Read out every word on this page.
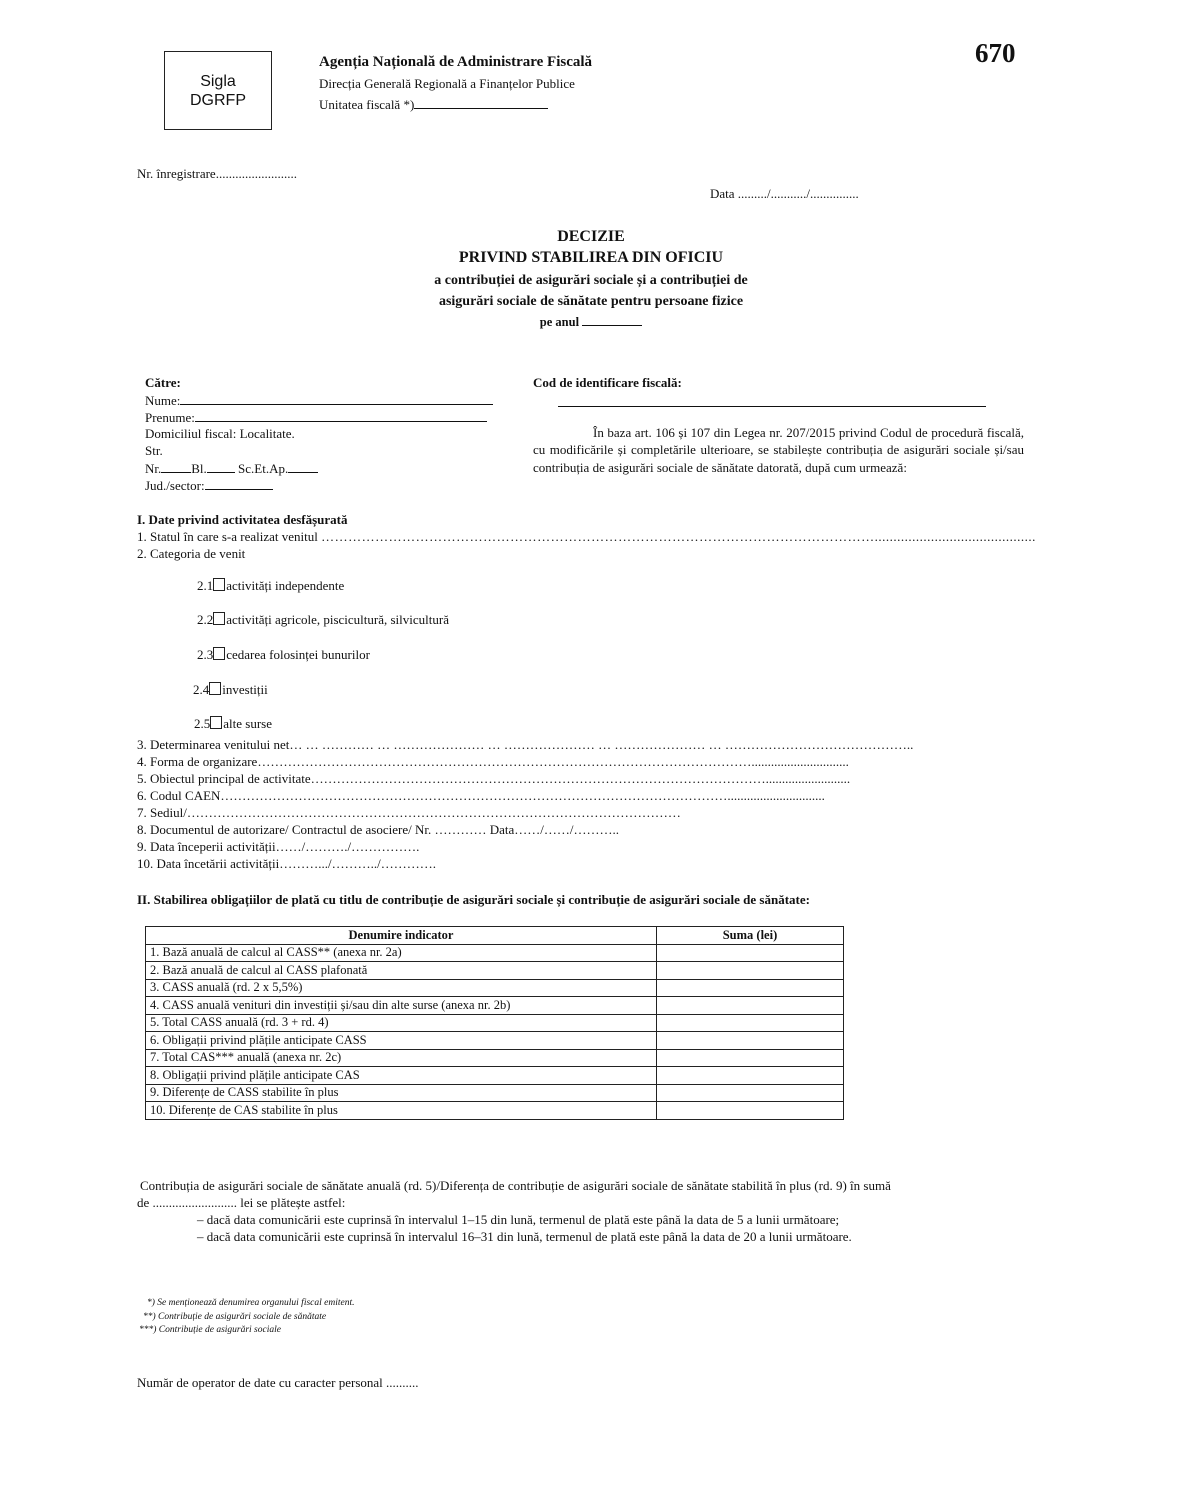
Sigla
DGRFP
Agenția Națională de Administrare Fiscală
Direcția Generală Regională a Finanțelor Publice
Unitatea fiscală *)
670
Nr. înregistrare.........................
Data ........./.........../...............
DECIZIE
PRIVIND STABILIREA DIN OFICIU
a contribuției de asigurări sociale și a contribuției de
asigurări sociale de sănătate pentru persoane fizice
pe anul
Către:
Nume:
Prenume:
Domiciliul fiscal: Localitate.
Str.
Nr. Bl. Sc.Et.Ap.
Jud./sector:
Cod de identificare fiscală:
În baza art. 106 și 107 din Legea nr. 207/2015 privind Codul de procedură fiscală, cu modificările și completările ulterioare, se stabilește contribuția de asigurări sociale și/sau contribuția de asigurări sociale de sănătate datorată, după cum urmează:
I. Date privind activitatea desfășurată
1. Statul în care s-a realizat venitul ……………………………………………………………………………………………………………...........................................
2. Categoria de venit
2.1 activități independente
2.2 activități agricole, piscicultură, silvicultură
2.3 cedarea folosinței bunurilor
2.4 investiții
2.5 alte surse
3. Determinarea venitului net… … ………… … ………………… … ………………… … ………………… … ……………………………………..
4. Forma de organizare……………………………………………………………………………………………………..............................
5. Obiectul principal de activitate……………………………………………………………………………………………..........................
6. Codul CAEN………………………………………………………………………………………………………..............................
7. Sediul/……………………………………………………………………………………………………
8. Documentul de autorizare/ Contractul de asociere/ Nr. ………… Data……/……/………..
9. Data începerii activității……/………./…………….
10. Data încetării activității……….../………../………….
II. Stabilirea obligațiilor de plată cu titlu de contribuție de asigurări sociale și contribuție de asigurări sociale de sănătate:
Denumire indicator	Suma (lei)
1. Bază anuală de calcul al CASS** (anexa nr. 2a)	
2. Bază anuală de calcul al CASS plafonată	
3. CASS anuală (rd. 2 x 5,5%)	
4. CASS anuală venituri din investiții și/sau din alte surse (anexa nr. 2b)	
5. Total CASS anuală (rd. 3 + rd. 4)	
6. Obligații privind plățile anticipate CASS	
7. Total CAS*** anuală (anexa nr. 2c)	
8. Obligații privind plățile anticipate CAS	
9. Diferențe de CASS stabilite în plus	
10. Diferențe de CAS stabilite în plus	
Contribuția de asigurări sociale de sănătate anuală (rd. 5)/Diferența de contribuție de asigurări sociale de sănătate stabilită în plus (rd. 9) în sumă
de .......................... lei se plătește astfel:
– dacă data comunicării este cuprinsă în intervalul 1–15 din lună, termenul de plată este până la data de 5 a lunii următoare;
– dacă data comunicării este cuprinsă în intervalul 16–31 din lună, termenul de plată este până la data de 20 a lunii următoare.
*) Se menționează denumirea organului fiscal emitent.
**) Contribuție de asigurări sociale de sănătate
***) Contribuție de asigurări sociale
Număr de operator de date cu caracter personal ..........
